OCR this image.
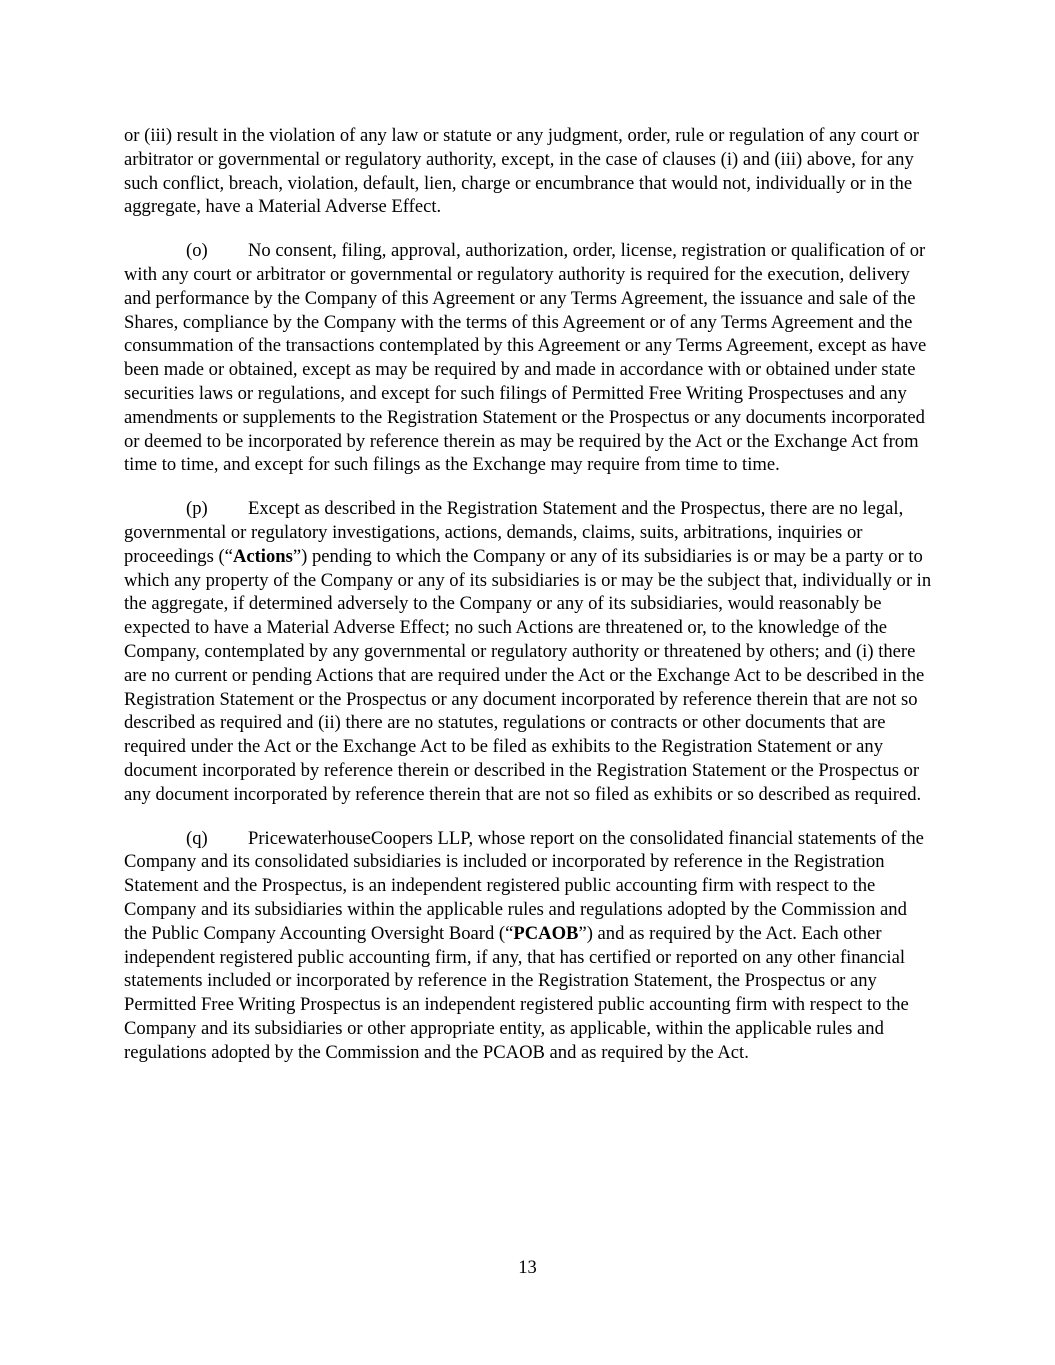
or (iii) result in the violation of any law or statute or any judgment, order, rule or regulation of any court or arbitrator or governmental or regulatory authority, except, in the case of clauses (i) and (iii) above, for any such conflict, breach, violation, default, lien, charge or encumbrance that would not, individually or in the aggregate, have a Material Adverse Effect.

(o) No consent, filing, approval, authorization, order, license, registration or qualification of or with any court or arbitrator or governmental or regulatory authority is required for the execution, delivery and performance by the Company of this Agreement or any Terms Agreement, the issuance and sale of the Shares, compliance by the Company with the terms of this Agreement or of any Terms Agreement and the consummation of the transactions contemplated by this Agreement or any Terms Agreement, except as have been made or obtained, except as may be required by and made in accordance with or obtained under state securities laws or regulations, and except for such filings of Permitted Free Writing Prospectuses and any amendments or supplements to the Registration Statement or the Prospectus or any documents incorporated or deemed to be incorporated by reference therein as may be required by the Act or the Exchange Act from time to time, and except for such filings as the Exchange may require from time to time.

(p) Except as described in the Registration Statement and the Prospectus, there are no legal, governmental or regulatory investigations, actions, demands, claims, suits, arbitrations, inquiries or proceedings (“Actions”) pending to which the Company or any of its subsidiaries is or may be a party or to which any property of the Company or any of its subsidiaries is or may be the subject that, individually or in the aggregate, if determined adversely to the Company or any of its subsidiaries, would reasonably be expected to have a Material Adverse Effect; no such Actions are threatened or, to the knowledge of the Company, contemplated by any governmental or regulatory authority or threatened by others; and (i) there are no current or pending Actions that are required under the Act or the Exchange Act to be described in the Registration Statement or the Prospectus or any document incorporated by reference therein that are not so described as required and (ii) there are no statutes, regulations or contracts or other documents that are required under the Act or the Exchange Act to be filed as exhibits to the Registration Statement or any document incorporated by reference therein or described in the Registration Statement or the Prospectus or any document incorporated by reference therein that are not so filed as exhibits or so described as required.

(q) PricewaterhouseCoopers LLP, whose report on the consolidated financial statements of the Company and its consolidated subsidiaries is included or incorporated by reference in the Registration Statement and the Prospectus, is an independent registered public accounting firm with respect to the Company and its subsidiaries within the applicable rules and regulations adopted by the Commission and the Public Company Accounting Oversight Board (“PCAOB”) and as required by the Act. Each other independent registered public accounting firm, if any, that has certified or reported on any other financial statements included or incorporated by reference in the Registration Statement, the Prospectus or any Permitted Free Writing Prospectus is an independent registered public accounting firm with respect to the Company and its subsidiaries or other appropriate entity, as applicable, within the applicable rules and regulations adopted by the Commission and the PCAOB and as required by the Act.

13
